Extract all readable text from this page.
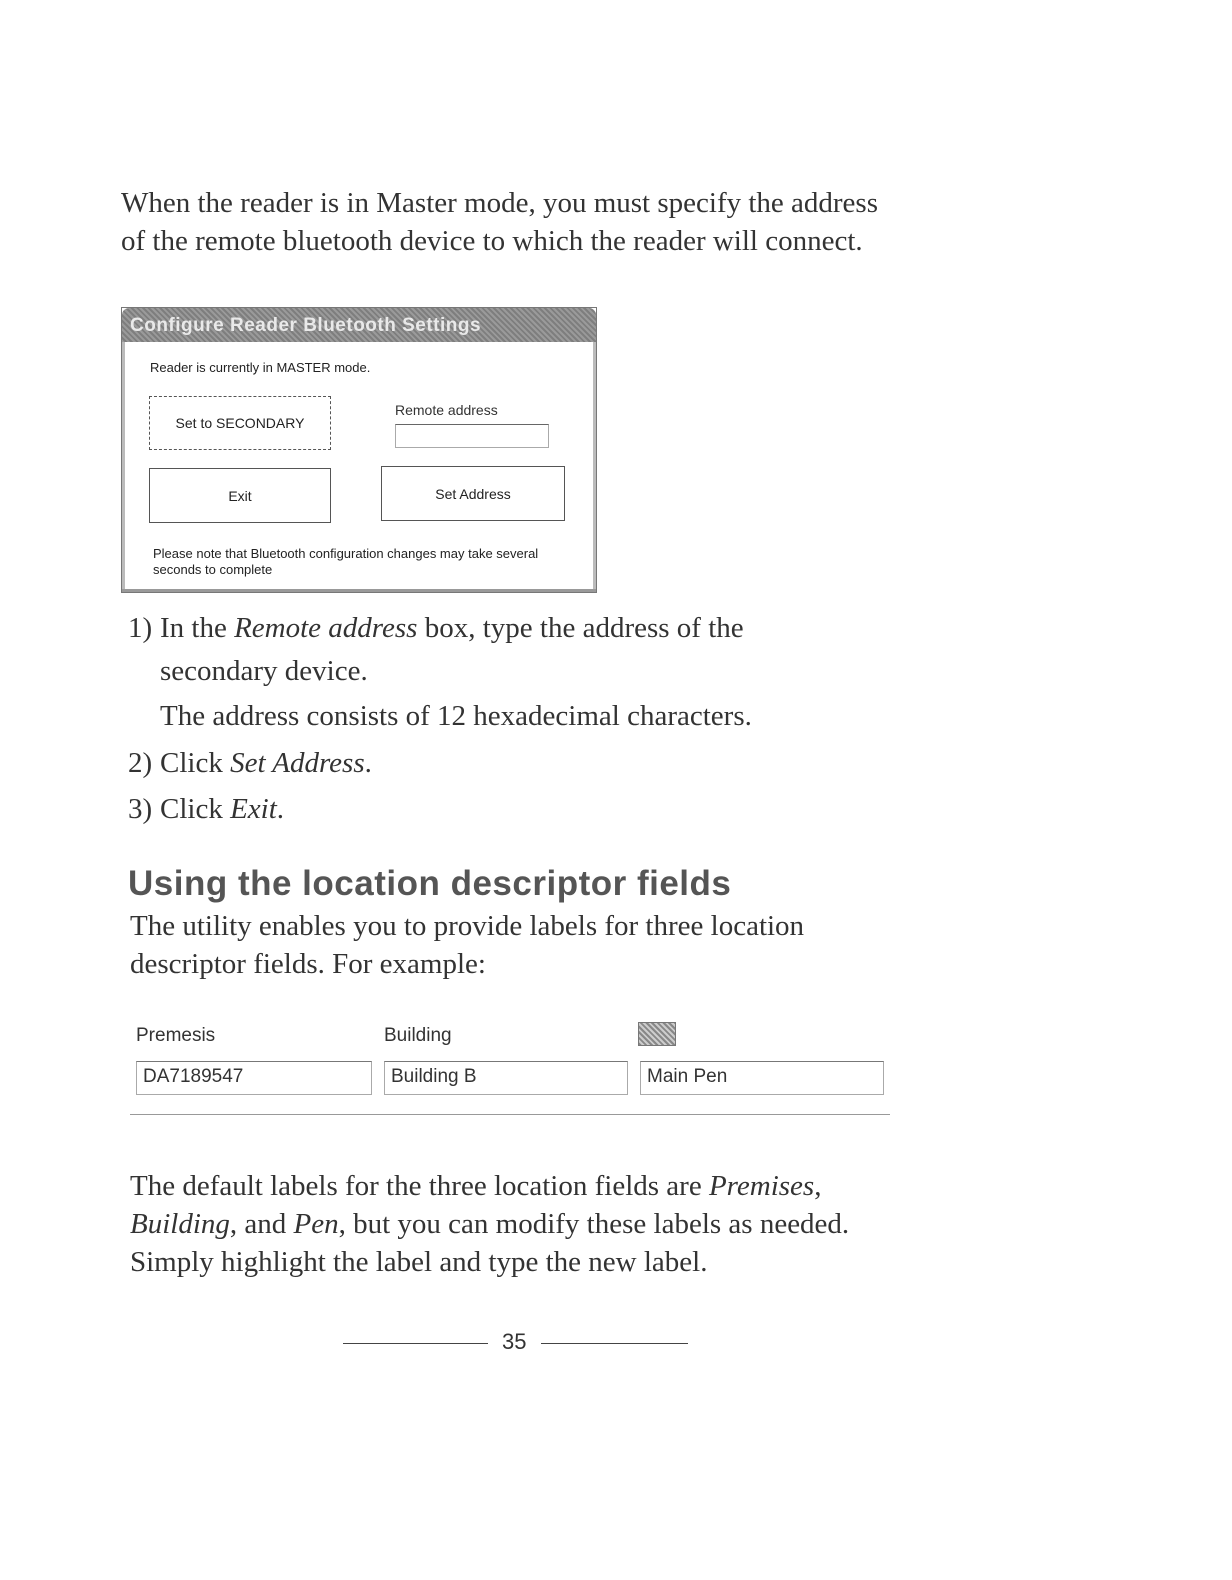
When the reader is in Master mode, you must specify the address of the remote bluetooth device to which the reader will connect.
Configure Reader Bluetooth Settings
Reader is currently in MASTER mode.
Set to SECONDARY
Remote address
Exit	Set Address
Please note that Bluetooth configuration changes may take several seconds to complete
1) In the Remote address box, type the address of the
secondary device.
The address consists of 12 hexadecimal characters.
2) Click Set Address.
3) Click Exit.
Using the location descriptor fields
The utility enables you to provide labels for three location descriptor fields. For example:
Premesis	Building
DA7189547	Building B	Main Pen
The default labels for the three location fields are Premises, Building, and Pen, but you can modify these labels as needed. Simply highlight the label and type the new label.
35
